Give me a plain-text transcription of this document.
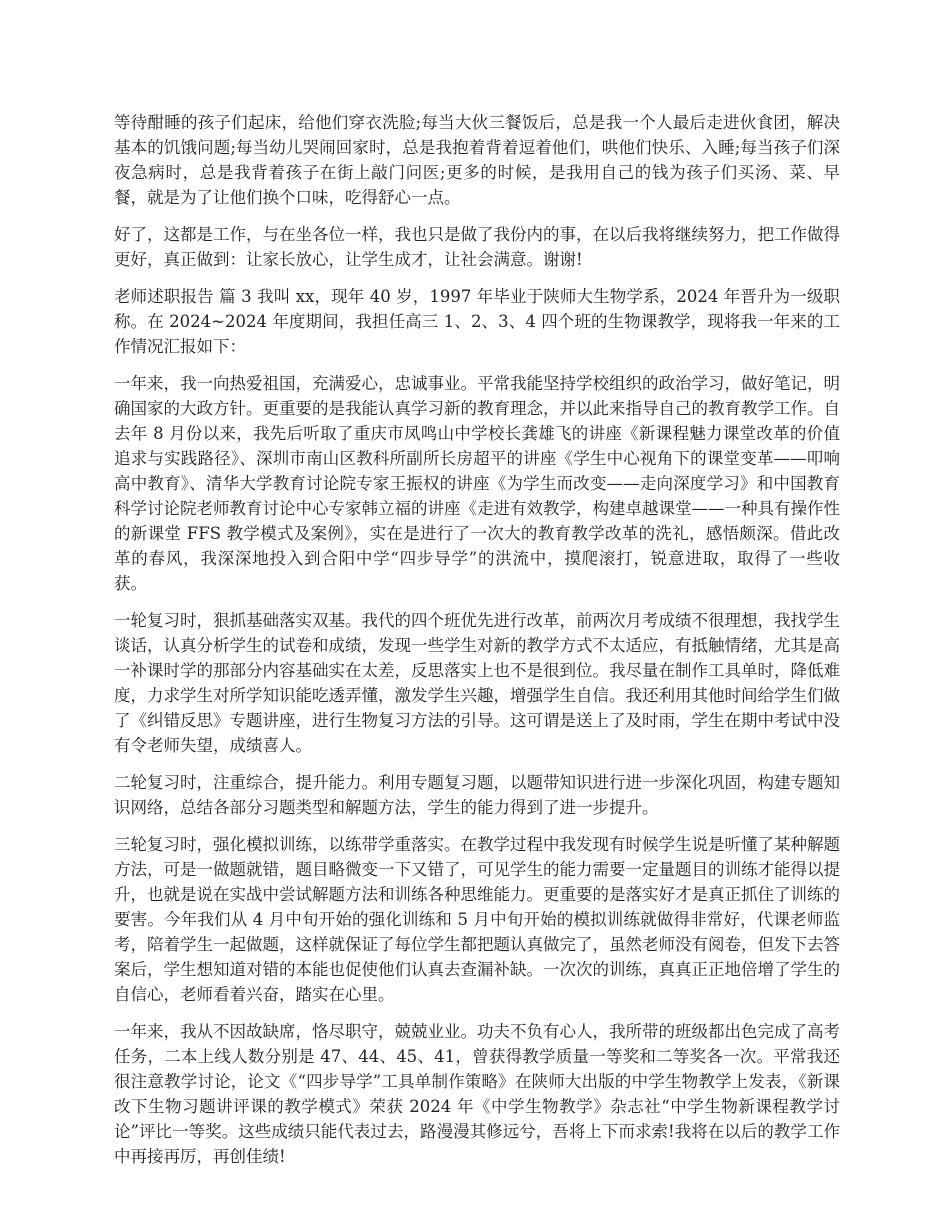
等待酣睡的孩子们起床，给他们穿衣洗脸;每当大伙三餐饭后，总是我一个人最后走进伙食团，解决基本的饥饿问题;每当幼儿哭闹回家时，总是我抱着背着逗着他们，哄他们快乐、入睡;每当孩子们深夜急病时，总是我背着孩子在街上敲门问医;更多的时候，是我用自己的钱为孩子们买汤、菜、早餐，就是为了让他们换个口味，吃得舒心一点。

好了，这都是工作，与在坐各位一样，我也只是做了我份内的事，在以后我将继续努力，把工作做得更好，真正做到：让家长放心，让学生成才，让社会满意。谢谢!

老师述职报告 篇 3 我叫 xx，现年 40 岁，1997 年毕业于陕师大生物学系，2024 年晋升为一级职称。在 2024~2024 年度期间，我担任高三 1、2、3、4 四个班的生物课教学，现将我一年来的工作情况汇报如下：

一年来，我一向热爱祖国，充满爱心，忠诚事业。平常我能坚持学校组织的政治学习，做好笔记，明确国家的大政方针。更重要的是我能认真学习新的教育理念，并以此来指导自己的教育教学工作。自去年 8 月份以来，我先后听取了重庆市凤鸣山中学校长龚雄飞的讲座《新课程魅力课堂改革的价值追求与实践路径》、深圳市南山区教科所副所长房超平的讲座《学生中心视角下的课堂变革——叩响高中教育》、清华大学教育讨论院专家王振权的讲座《为学生而改变——走向深度学习》和中国教育科学讨论院老师教育讨论中心专家韩立福的讲座《走进有效教学，构建卓越课堂——一种具有操作性的新课堂 FFS 教学模式及案例》，实在是进行了一次大的教育教学改革的洗礼，感悟颇深。借此改革的春风，我深深地投入到合阳中学“四步导学”的洪流中，摸爬滚打，锐意进取，取得了一些收获。

一轮复习时，狠抓基础落实双基。我代的四个班优先进行改革，前两次月考成绩不很理想，我找学生谈话，认真分析学生的试卷和成绩，发现一些学生对新的教学方式不太适应，有抵触情绪，尤其是高一补课时学的那部分内容基础实在太差，反思落实上也不是很到位。我尽量在制作工具单时，降低难度，力求学生对所学知识能吃透弄懂，激发学生兴趣，增强学生自信。我还利用其他时间给学生们做了《纠错反思》专题讲座，进行生物复习方法的引导。这可谓是送上了及时雨，学生在期中考试中没有令老师失望，成绩喜人。

二轮复习时，注重综合，提升能力。利用专题复习题，以题带知识进行进一步深化巩固，构建专题知识网络，总结各部分习题类型和解题方法，学生的能力得到了进一步提升。

三轮复习时，强化模拟训练，以练带学重落实。在教学过程中我发现有时候学生说是听懂了某种解题方法，可是一做题就错，题目略微变一下又错了，可见学生的能力需要一定量题目的训练才能得以提升，也就是说在实战中尝试解题方法和训练各种思维能力。更重要的是落实好才是真正抓住了训练的要害。今年我们从 4 月中旬开始的强化训练和 5 月中旬开始的模拟训练就做得非常好，代课老师监考，陪着学生一起做题，这样就保证了每位学生都把题认真做完了，虽然老师没有阅卷，但发下去答案后，学生想知道对错的本能也促使他们认真去查漏补缺。一次次的训练，真真正正地倍增了学生的自信心，老师看着兴奋，踏实在心里。

一年来，我从不因故缺席，恪尽职守，兢兢业业。功夫不负有心人，我所带的班级都出色完成了高考任务，二本上线人数分别是 47、44、45、41，曾获得教学质量一等奖和二等奖各一次。平常我还很注意教学讨论，论文《“四步导学”工具单制作策略》在陕师大出版的中学生物教学上发表，《新课改下生物习题讲评课的教学模式》荣获 2024 年《中学生物教学》杂志社“中学生物新课程教学讨论”评比一等奖。这些成绩只能代表过去，路漫漫其修远兮，吾将上下而求索!我将在以后的教学工作中再接再厉，再创佳绩!
